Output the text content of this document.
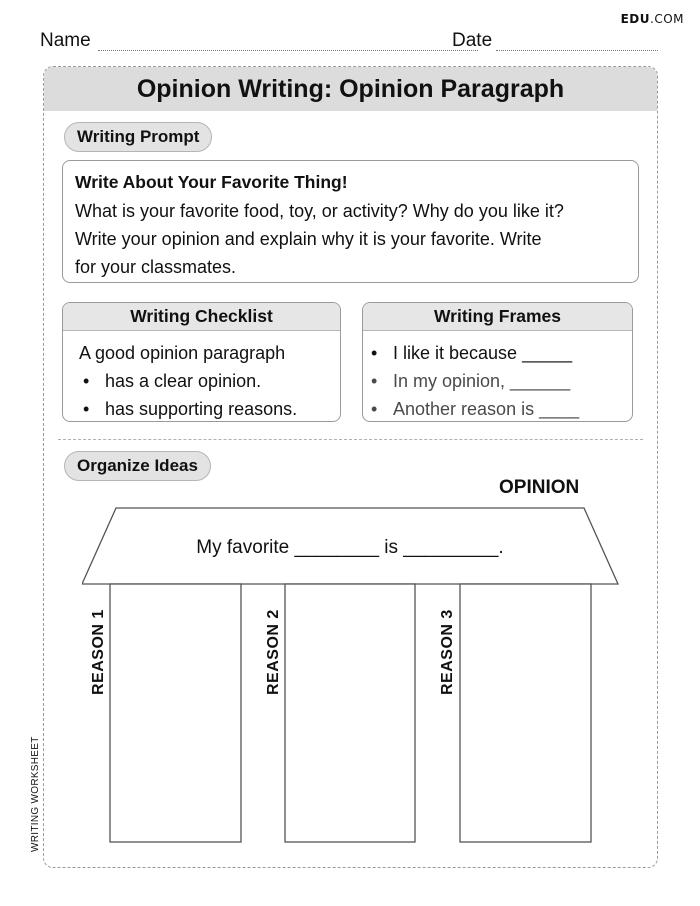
EDU.COM
Name	Date
WRITING WORKSHEET
Opinion Writing: Opinion Paragraph
Writing Prompt
Write About Your Favorite Thing!
What is your favorite food, toy, or activity? Why do you like it?
Write your opinion and explain why it is your favorite. Write
for your classmates.
Writing Checklist
A good opinion paragraph
• has a clear opinion.
• has supporting reasons.
Writing Frames
• I like it because _____
• In my opinion, ______
• Another reason is ____
Organize Ideas
OPINION
My favorite ________ is _________.
REASON 1	REASON 2	REASON 3
